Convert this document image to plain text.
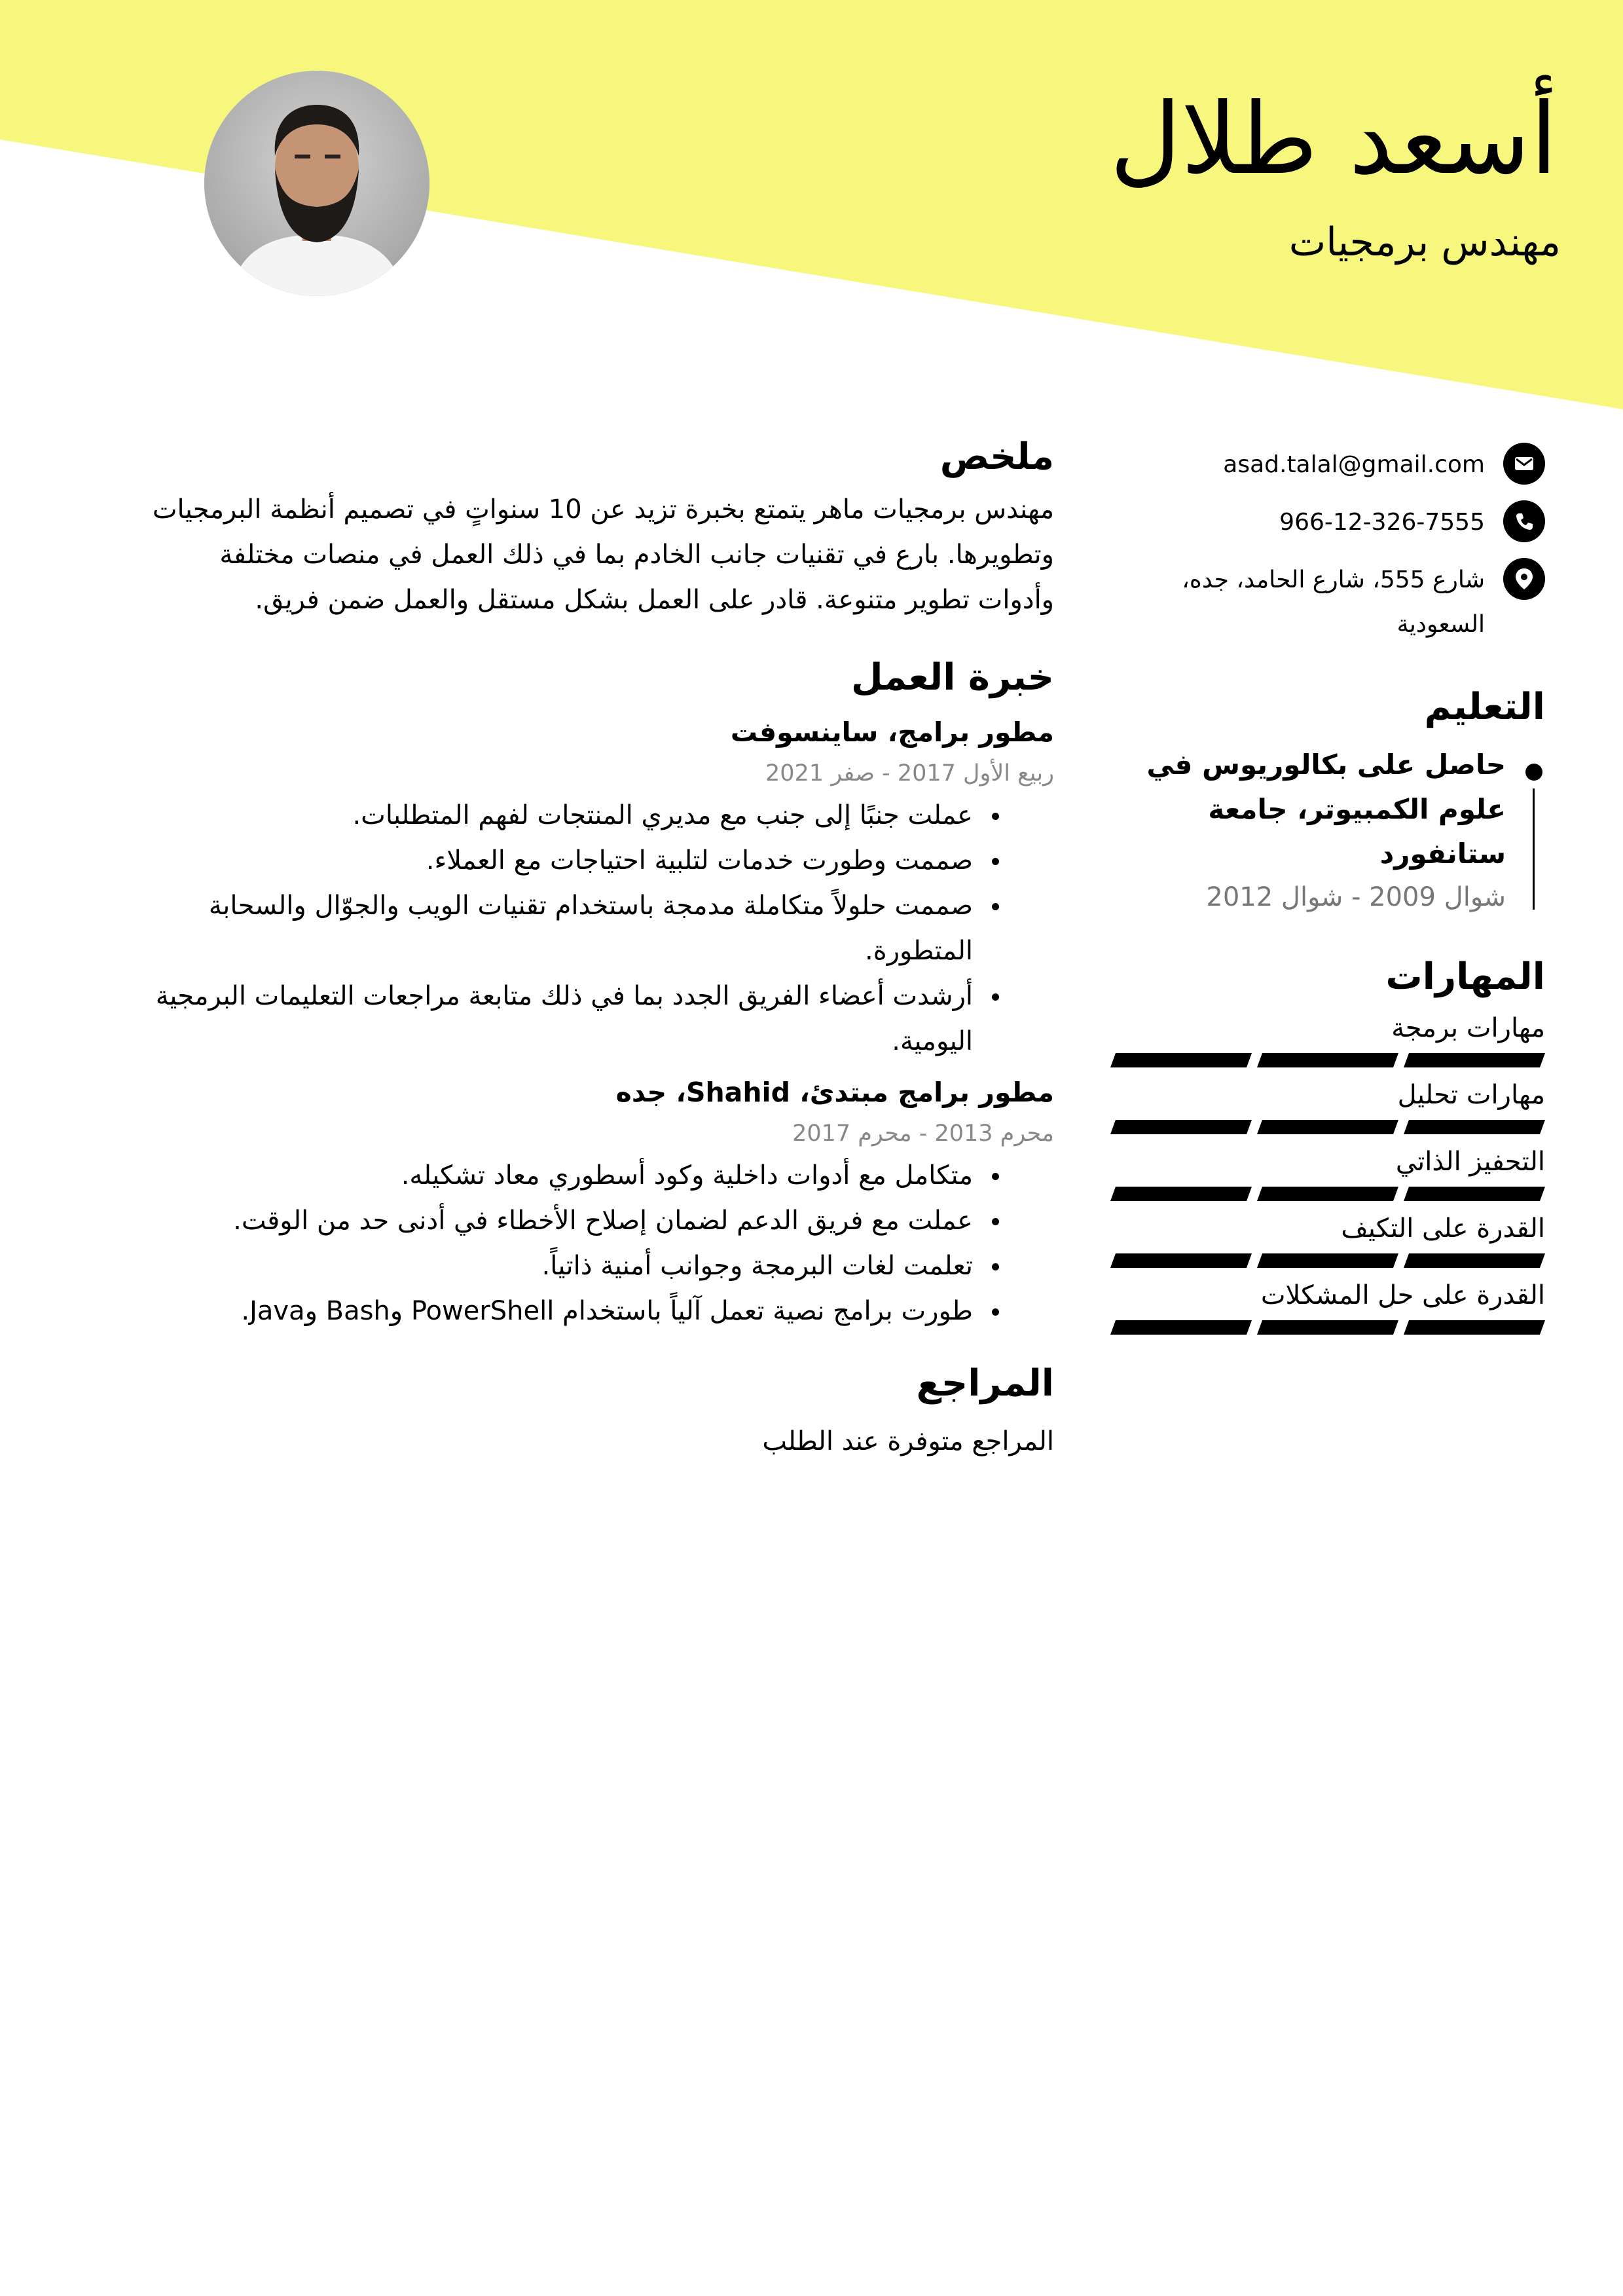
أسعد طلال
مهندس برمجيات
ملخص
مهندس برمجيات ماهر يتمتع بخبرة تزيد عن 10 سنواتٍ في تصميم أنظمة البرمجيات وتطويرها. بارع في تقنيات جانب الخادم بما في ذلك العمل في منصات مختلفة وأدوات تطوير متنوعة. قادر على العمل بشكل مستقل والعمل ضمن فريق.
خبرة العمل
مطور برامج، ساينسوفت
ربيع الأول 2017 - صفر 2021
عملت جنبًا إلى جنب مع مديري المنتجات لفهم المتطلبات.
صممت وطورت خدمات لتلبية احتياجات مع العملاء.
صممت حلولاً متكاملة مدمجة باستخدام تقنيات الويب والجوّال والسحابة المتطورة.
أرشدت أعضاء الفريق الجدد بما في ذلك متابعة مراجعات التعليمات البرمجية اليومية.
مطور برامج مبتدئ، Shahid، جده
محرم 2013 - محرم 2017
متكامل مع أدوات داخلية وكود أسطوري معاد تشكيله.
عملت مع فريق الدعم لضمان إصلاح الأخطاء في أدنى حد من الوقت.
تعلمت لغات البرمجة وجوانب أمنية ذاتياً.
طورت برامج نصية تعمل آلياً باستخدام PowerShell وBash وJava.
المراجع
المراجع متوفرة عند الطلب
asad.talal@gmail.com
966-12-326-7555
شارع 555، شارع الحامد، جده، السعودية
التعليم
حاصل على بكالوريوس في علوم الكمبيوتر، جامعة ستانفورد
شوال 2009 - شوال 2012
المهارات
مهارات برمجة
مهارات تحليل
التحفيز الذاتي
القدرة على التكيف
القدرة على حل المشكلات
